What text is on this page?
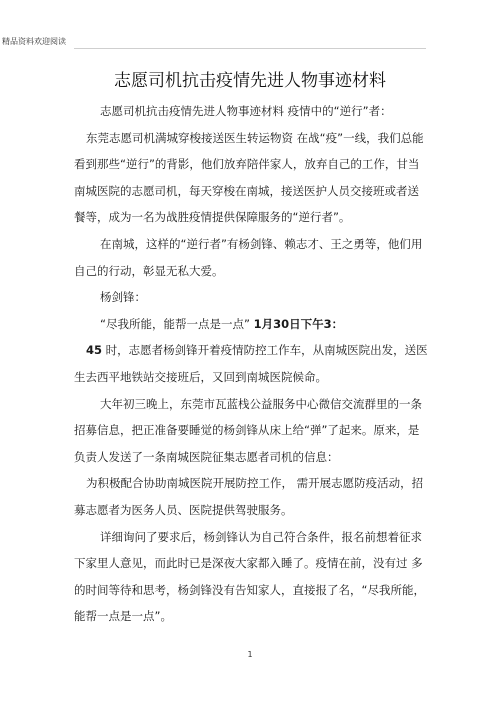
精品资料欢迎阅读
志愿司机抗击疫情先进人物事迹材料

志愿司机抗击疫情先进人物事迹材料 疫情中的“逆行”者：

东莞志愿司机满城穿梭接送医生转运物资 在战“疫”一线，我们总能看到那些“逆行”的背影，他们放弃陪伴家人，放弃自己的工作，甘当南城医院的志愿司机，每天穿梭在南城，接送医护人员交接班或者送餐等，成为一名为战胜疫情提供保障服务的“逆行者”。

在南城，这样的“逆行者”有杨剑锋、赖志才、王之勇等，他们用自己的行动，彰显无私大爱。

杨剑锋：

“尽我所能，能帮一点是一点” 1月30日下午3：

45 时，志愿者杨剑锋开着疫情防控工作车，从南城医院出发，送医生去西平地铁站交接班后，又回到南城医院候命。

大年初三晚上，东莞市瓦蓝栈公益服务中心微信交流群里的一条招募信息，把正准备要睡觉的杨剑锋从床上给“弹”了起来。原来，是负责人发送了一条南城医院征集志愿者司机的信息：

为积极配合协助南城医院开展防控工作， 需开展志愿防疫活动，招募志愿者为医务人员、医院提供驾驶服务。

详细询问了要求后，杨剑锋认为自己符合条件，报名前想着征求下家里人意见，而此时已是深夜大家都入睡了。疫情在前，没有过 多的时间等待和思考，杨剑锋没有告知家人，直接报了名，“尽我所能，能帮一点是一点”。

1
